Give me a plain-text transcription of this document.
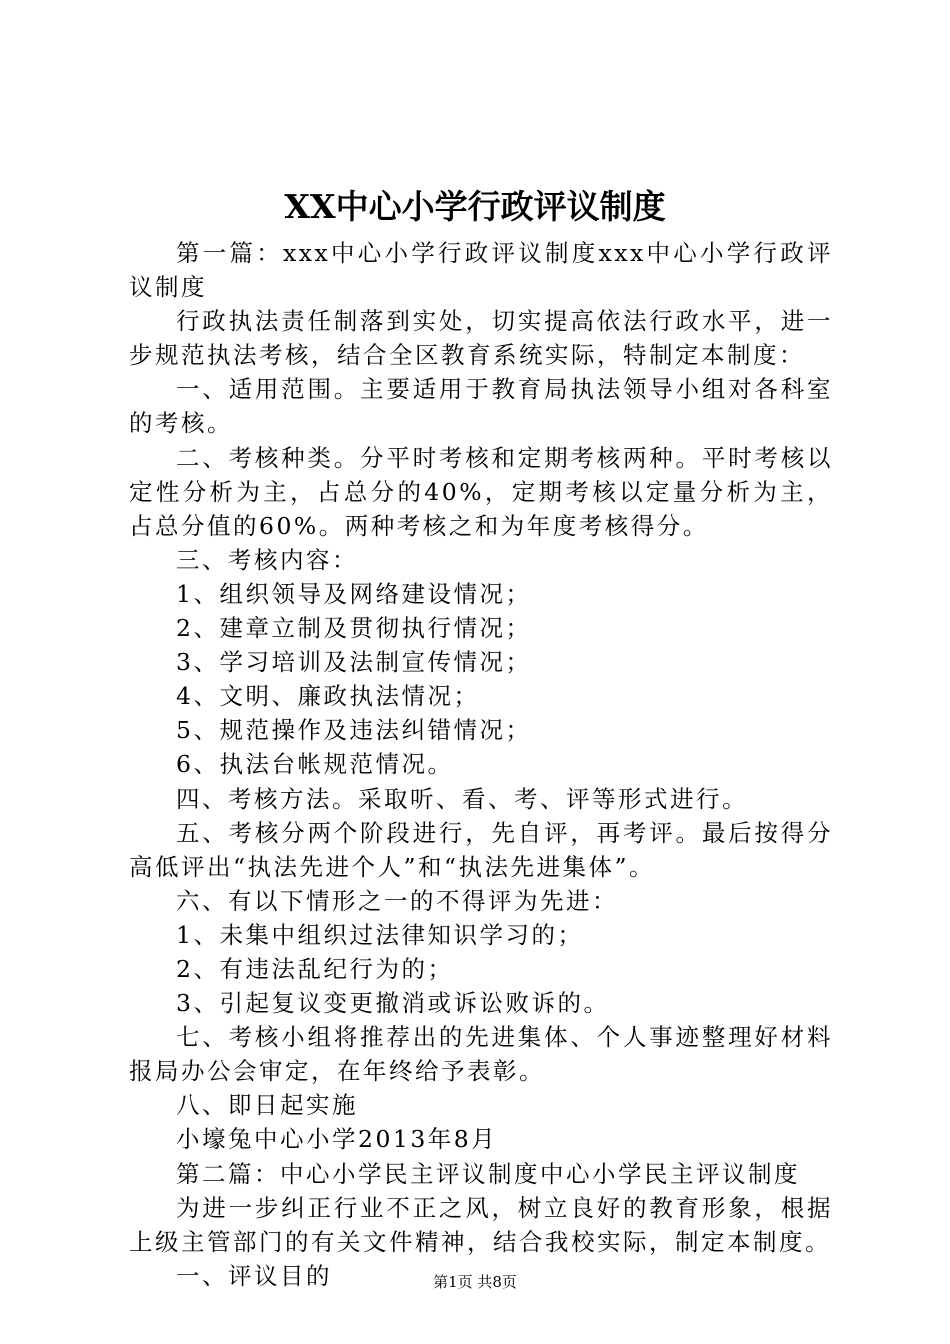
XX中心小学行政评议制度

第一篇：xxx中心小学行政评议制度xxx中心小学行政评议制度

行政执法责任制落到实处，切实提高依法行政水平，进一步规范执法考核，结合全区教育系统实际，特制定本制度：

一、适用范围。主要适用于教育局执法领导小组对各科室的考核。

二、考核种类。分平时考核和定期考核两种。平时考核以定性分析为主，占总分的40%，定期考核以定量分析为主，占总分值的60%。两种考核之和为年度考核得分。

三、考核内容：

1、组织领导及网络建设情况；

2、建章立制及贯彻执行情况；

3、学习培训及法制宣传情况；

4、文明、廉政执法情况；

5、规范操作及违法纠错情况；

6、执法台帐规范情况。

四、考核方法。采取听、看、考、评等形式进行。

五、考核分两个阶段进行，先自评，再考评。最后按得分高低评出“执法先进个人”和“执法先进集体”。

六、有以下情形之一的不得评为先进：

1、未集中组织过法律知识学习的；

2、有违法乱纪行为的；

3、引起复议变更撤消或诉讼败诉的。

七、考核小组将推荐出的先进集体、个人事迹整理好材料报局办公会审定，在年终给予表彰。

八、即日起实施

小壕兔中心小学2013年8月

第二篇：中心小学民主评议制度中心小学民主评议制度

为进一步纠正行业不正之风，树立良好的教育形象，根据上级主管部门的有关文件精神，结合我校实际，制定本制度。

一、评议目的	第1页 共8页
